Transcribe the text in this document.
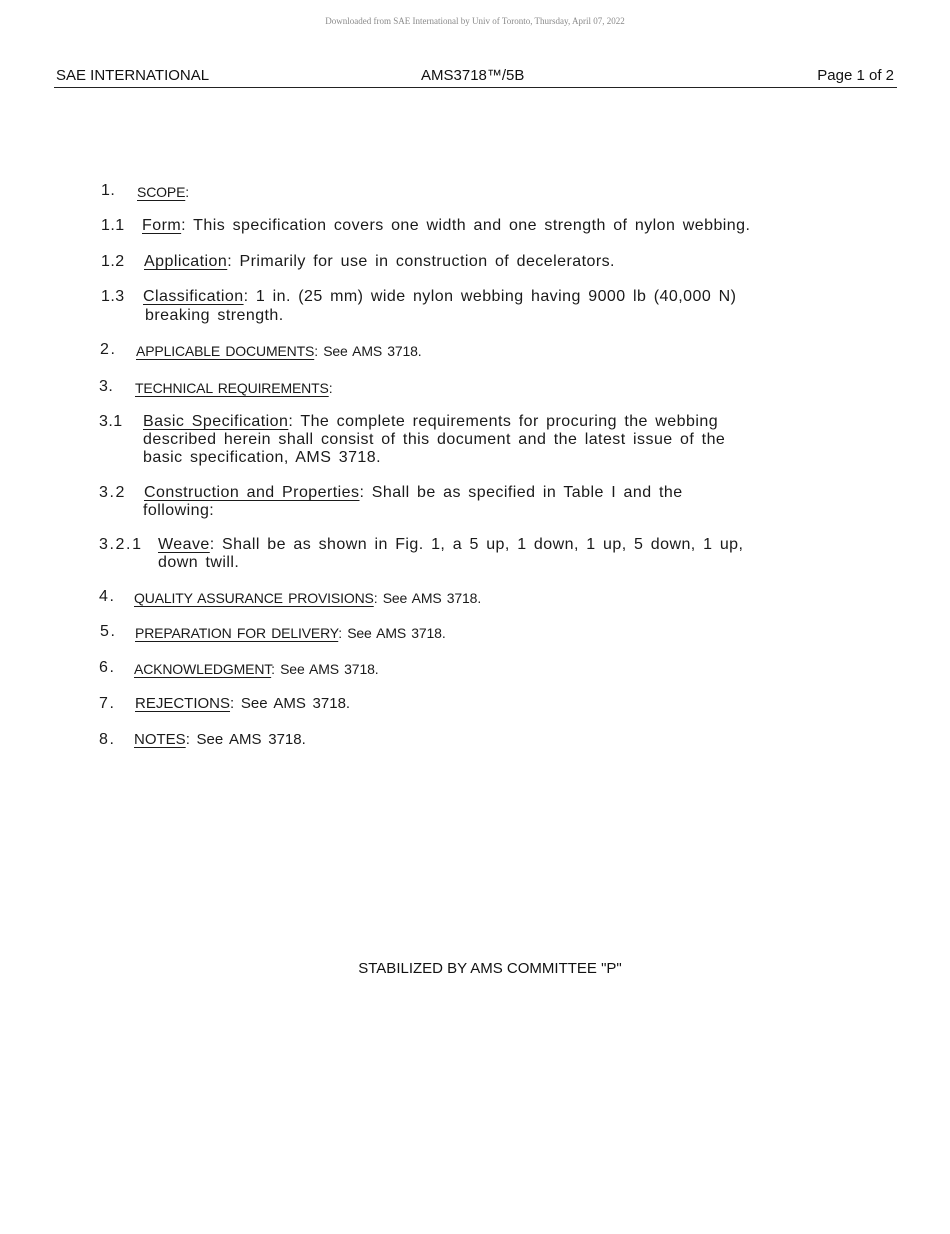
Downloaded from SAE International by Univ of Toronto, Thursday, April 07, 2022
SAE INTERNATIONAL	AMS3718™/5B	Page 1 of 2
1. SCOPE:
1.1 Form: This specification covers one width and one strength of nylon webbing.
1.2 Application: Primarily for use in construction of decelerators.
1.3 Classification: 1 in. (25 mm) wide nylon webbing having 9000 lb (40,000 N)
breaking strength.
2. APPLICABLE DOCUMENTS: See AMS 3718.
3. TECHNICAL REQUIREMENTS:
3.1 Basic Specification: The complete requirements for procuring the webbing
described herein shall consist of this document and the latest issue of the
basic specification, AMS 3718.
3.2 Construction and Properties: Shall be as specified in Table I and the
following:
3.2.1 Weave: Shall be as shown in Fig. 1, a 5 up, 1 down, 1 up, 5 down, 1 up,
down twill.
4. QUALITY ASSURANCE PROVISIONS: See AMS 3718.
5. PREPARATION FOR DELIVERY: See AMS 3718.
6. ACKNOWLEDGMENT: See AMS 3718.
7. REJECTIONS: See AMS 3718.
8. NOTES: See AMS 3718.
STABILIZED BY AMS COMMITTEE "P"
